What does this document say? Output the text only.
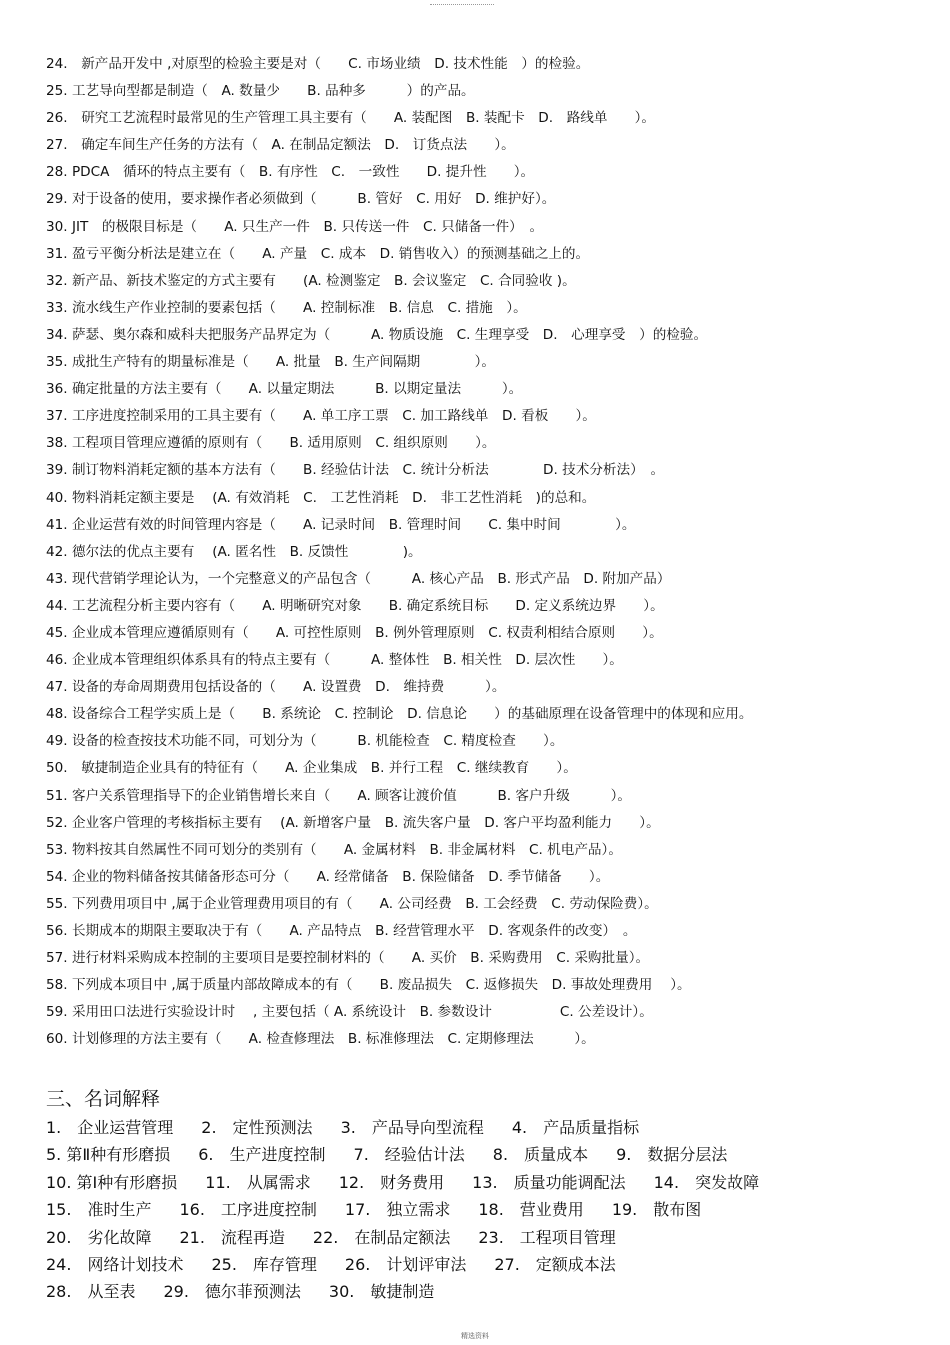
24.　新产品开发中 ,对原型的检验主要是对（　　C. 市场业绩　D. 技术性能　）的检验。
25. 工艺导向型都是制造（　A. 数量少　　B. 品种多　　　）的产品。
26.　研究工艺流程时最常见的生产管理工具主要有（　　A. 装配图　B. 装配卡　D.　路线单　　）。
27.　确定车间生产任务的方法有（　A. 在制品定额法　D.　订货点法　　）。
28. PDCA　循环的特点主要有（　B. 有序性　C.　一致性　　D. 提升性　　）。
29. 对于设备的使用，要求操作者必须做到（　　　B. 管好　C. 用好　D. 维护好）。
30. JIT　的极限目标是（　　A. 只生产一件　B. 只传送一件　C. 只储备一件）　。
31. 盈亏平衡分析法是建立在（　　A. 产量　C. 成本　D. 销售收入）的预测基础之上的。
32. 新产品、新技术鉴定的方式主要有　　(A. 检测鉴定　B. 会议鉴定　C. 合同验收 )。
33. 流水线生产作业控制的要素包括（　　A. 控制标准　B. 信息　C. 措施　）。
34. 萨瑟、奥尔森和威科夫把服务产品界定为（　　　A. 物质设施　C. 生理享受　D.　心理享受　）的检验。
35. 成批生产特有的期量标准是（　　A. 批量　B. 生产间隔期　　　　）。
36. 确定批量的方法主要有（　　A. 以量定期法　　　B. 以期定量法　　　）。
37. 工序进度控制采用的工具主要有（　　A. 单工序工票　C. 加工路线单　D. 看板　　）。
38. 工程项目管理应遵循的原则有（　　B. 适用原则　C. 组织原则　　）。
39. 制订物料消耗定额的基本方法有（　　B. 经验估计法　C. 统计分析法　　　　D. 技术分析法）　。
40. 物料消耗定额主要是　 (A. 有效消耗　C.　工艺性消耗　D.　非工艺性消耗　)的总和。
41. 企业运营有效的时间管理内容是（　　A. 记录时间　B. 管理时间　　C. 集中时间　　　　）。
42. 德尔法的优点主要有　 (A. 匿名性　B. 反馈性　　　　)。
43. 现代营销学理论认为，一个完整意义的产品包含（　　　A. 核心产品　B. 形式产品　D. 附加产品）
44. 工艺流程分析主要内容有（　　A. 明晰研究对象　　B. 确定系统目标　　D. 定义系统边界　　）。
45. 企业成本管理应遵循原则有（　　A. 可控性原则　B. 例外管理原则　C. 权责利相结合原则　　）。
46. 企业成本管理组织体系具有的特点主要有（　　　A. 整体性　B. 相关性　D. 层次性　　）。
47. 设备的寿命周期费用包括设备的（　　A. 设置费　D.　维持费　　　）。
48. 设备综合工程学实质上是（　　B. 系统论　C. 控制论　D. 信息论　　）的基础原理在设备管理中的体现和应用。
49. 设备的检查按技术功能不同，可划分为（　　　B. 机能检查　C. 精度检查　　）。
50.　敏捷制造企业具有的特征有（　　A. 企业集成　B. 并行工程　C. 继续教育　　）。
51. 客户关系管理指导下的企业销售增长来自（　　A. 顾客让渡价值　　　B. 客户升级　　　）。
52. 企业客户管理的考核指标主要有　 (A. 新增客户量　B. 流失客户量　D. 客户平均盈利能力　　）。
53. 物料按其自然属性不同可划分的类别有（　　A. 金属材料　B. 非金属材料　C. 机电产品）。
54. 企业的物料储备按其储备形态可分（　　A. 经常储备　B. 保险储备　D. 季节储备　　）。
55. 下列费用项目中 ,属于企业管理费用项目的有（　　A. 公司经费　B. 工会经费　C. 劳动保险费）。
56. 长期成本的期限主要取决于有（　　A. 产品特点　B. 经营管理水平　D. 客观条件的改变）　。
57. 进行材料采购成本控制的主要项目是要控制材料的（　　A. 买价　B. 采购费用　C. 采购批量）。
58. 下列成本项目中 ,属于质量内部故障成本的有（　　B. 废品损失　C. 返修损失　D. 事故处理费用　 ）。
59. 采用田口法进行实验设计时　 , 主要包括（ A. 系统设计　B. 参数设计　　　　　C. 公差设计）。
60. 计划修理的方法主要有（　　A. 检查修理法　B. 标准修理法　C. 定期修理法　　　）。
三、名词解释
1.　企业运营管理 2.　定性预测法 3.　产品导向型流程 4.　产品质量指标
5. 第Ⅱ种有形磨损 6.　生产进度控制 7.　经验估计法 8.　质量成本 9.　数据分层法
10. 第Ⅰ种有形磨损 11.　从属需求 12.　财务费用 13.　质量功能调配法 14.　突发故障
15.　准时生产 16.　工序进度控制 17.　独立需求 18.　营业费用 19.　散布图
20.　劣化故障 21.　流程再造 22.　在制品定额法 23.　工程项目管理
24.　网络计划技术 25.　库存管理 26.　计划评审法 27.　定额成本法
28.　从至表 29.　德尔菲预测法 30.　敏捷制造
精选资料
